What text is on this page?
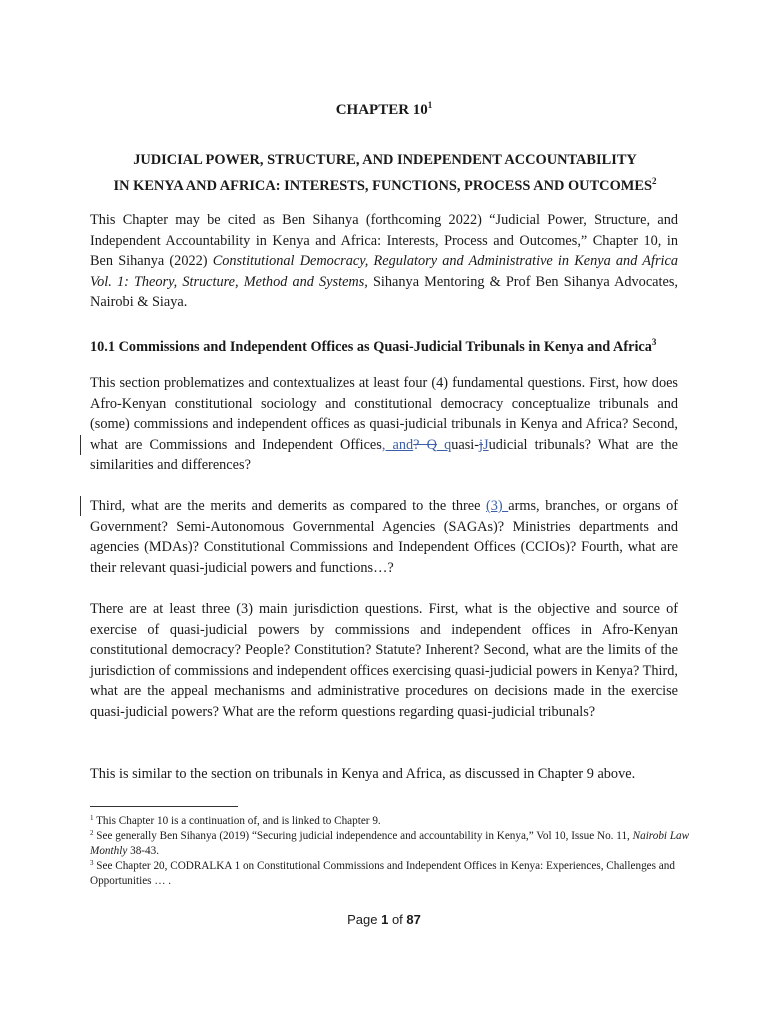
CHAPTER $10^1$
JUDICIAL POWER, STRUCTURE, AND INDEPENDENT ACCOUNTABILITY
IN KENYA AND AFRICA: INTERESTS, FUNCTIONS, PROCESS AND OUTCOMES$^2$

This Chapter may be cited as Ben Sihanya (forthcoming 2022) “Judicial Power, Structure, and Independent Accountability in Kenya and Africa: Interests, Process and Outcomes,” Chapter 10, in Ben Sihanya (2022) Constitutional Democracy, Regulatory and Administrative in Kenya and Africa Vol. 1: Theory, Structure, Method and Systems, Sihanya Mentoring & Prof Ben Sihanya Advocates, Nairobi & Siaya.

10.1 Commissions and Independent Offices as Quasi-Judicial Tribunals in Kenya and Africa$^3$

This section problematizes and contextualizes at least four (4) fundamental questions. First, how does Afro-Kenyan constitutional sociology and constitutional democracy conceptualize tribunals and (some) commissions and independent offices as quasi-judicial tribunals in Kenya and Africa? Second, what are Commissions and Independent Offices, and? Q quasi-jJudicial tribunals? What are the similarities and differences?

Third, what are the merits and demerits as compared to the three (3) arms, branches, or organs of Government? Semi-Autonomous Governmental Agencies (SAGAs)? Ministries departments and agencies (MDAs)? Constitutional Commissions and Independent Offices (CCIOs)? Fourth, what are their relevant quasi-judicial powers and functions…?

There are at least three (3) main jurisdiction questions. First, what is the objective and source of exercise of quasi-judicial powers by commissions and independent offices in Afro-Kenyan constitutional democracy? People? Constitution? Statute? Inherent? Second, what are the limits of the jurisdiction of commissions and independent offices exercising quasi-judicial powers in Kenya? Third, what are the appeal mechanisms and administrative procedures on decisions made in the exercise quasi-judicial powers? What are the reform questions regarding quasi-judicial tribunals?

This is similar to the section on tribunals in Kenya and Africa, as discussed in Chapter 9 above.

$^1$ This Chapter 10 is a continuation of, and is linked to Chapter 9.

$^2$ See generally Ben Sihanya (2019) “Securing judicial independence and accountability in Kenya,” Vol 10, Issue No. 11, Nairobi Law Monthly 38-43.

$^3$ See Chapter 20, CODRALKA 1 on Constitutional Commissions and Independent Offices in Kenya: Experiences, Challenges and Opportunities … .

Page 1 of 87
